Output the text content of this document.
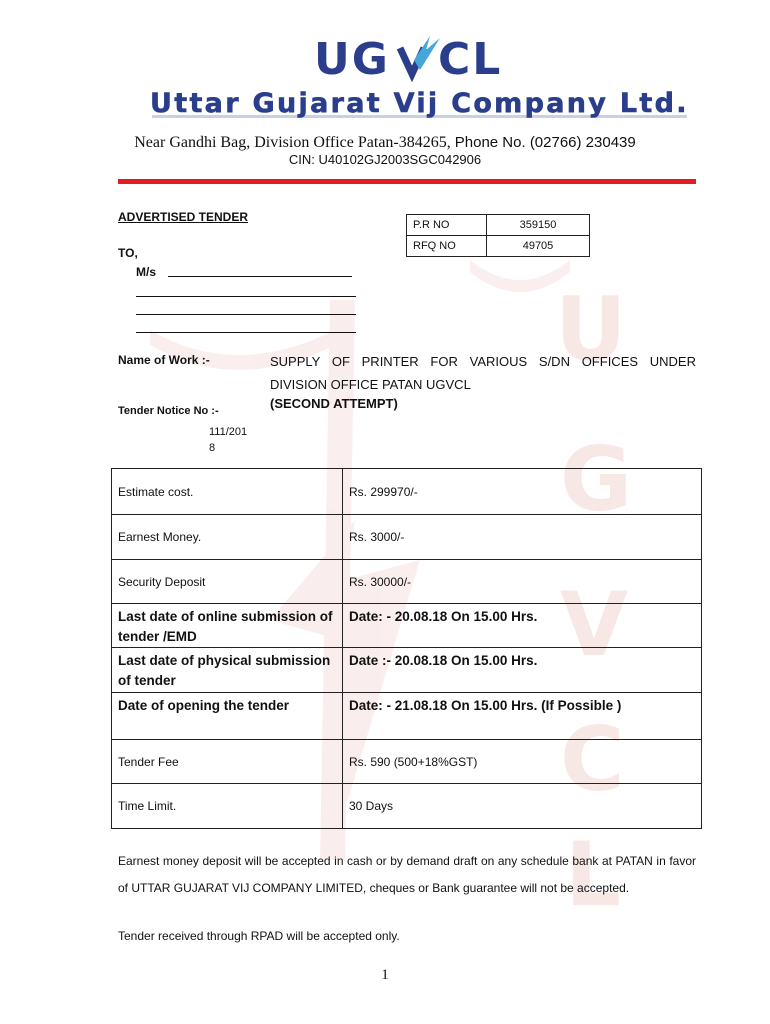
U
G
V
C
L
UG CL
Uttar Gujarat Vij Company Ltd.
Near Gandhi Bag, Division Office Patan-384265, Phone No. (02766) 230439
CIN: U40102GJ2003SGC042906
ADVERTISED TENDER
TO,
M/s
P.R NO	359150
RFQ NO	49705
Name of Work :-	SUPPLY OF PRINTER FOR VARIOUS S/DN OFFICES UNDER
DIVISION OFFICE PATAN UGVCL
(SECOND ATTEMPT)
Tender Notice No :-
111/2018
Estimate cost.	Rs. 299970/-
Earnest Money.	Rs. 3000/-
Security Deposit	Rs. 30000/-
Last date of online submission of tender /EMD	Date: - 20.08.18 On 15.00 Hrs.
Last date of physical submission of tender	Date :- 20.08.18 On 15.00 Hrs.
Date of opening the tender	Date: - 21.08.18 On 15.00 Hrs. (If Possible )
Tender Fee	Rs. 590 (500+18%GST)
Time Limit.	30 Days
Earnest money deposit will be accepted in cash or by demand draft on any schedule bank at PATAN in favor of UTTAR GUJARAT VIJ COMPANY LIMITED, cheques or Bank guarantee will not be accepted.
Tender received through RPAD will be accepted only.
1
